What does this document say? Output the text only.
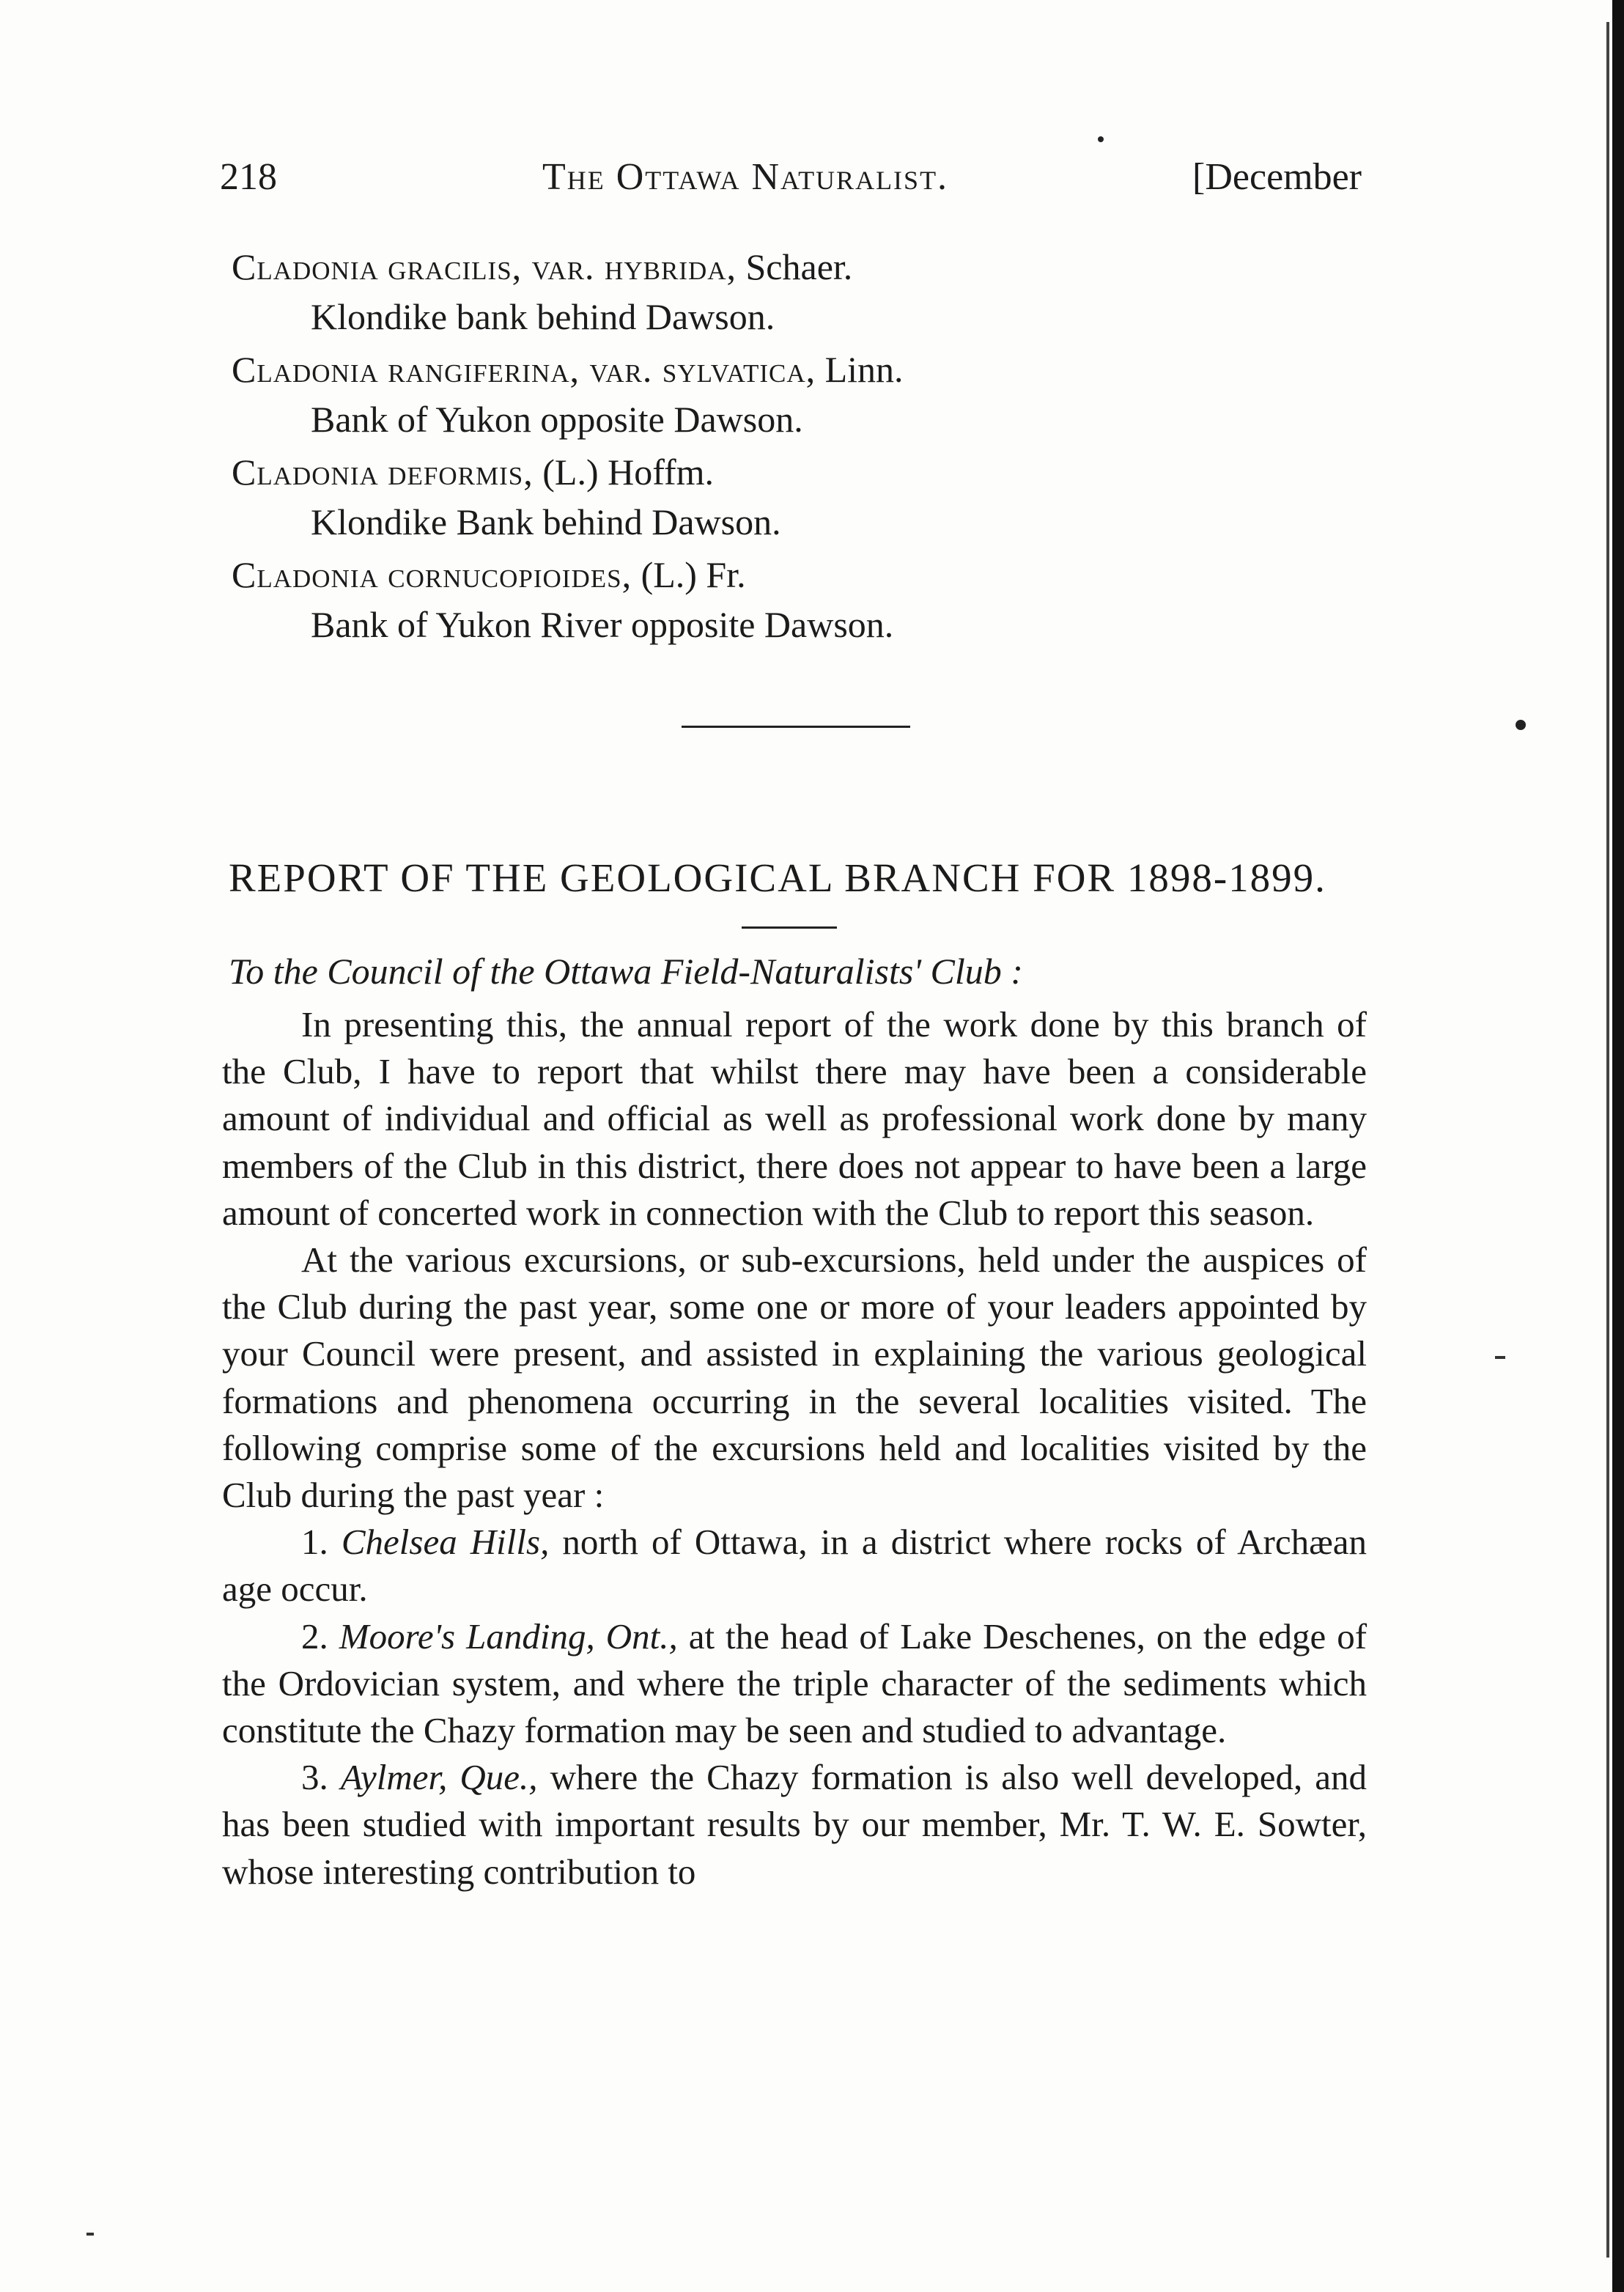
218	The Ottawa Naturalist.	[December
Cladonia gracilis, var. hybrida, Schaer.
Klondike bank behind Dawson.
Cladonia rangiferina, var. sylvatica, Linn.
Bank of Yukon opposite Dawson.
Cladonia deformis, (L.) Hoffm.
Klondike Bank behind Dawson.
Cladonia cornucopioides, (L.) Fr.
Bank of Yukon River opposite Dawson.
REPORT OF THE GEOLOGICAL BRANCH FOR 1898-1899.
To the Council of the Ottawa Field-Naturalists' Club :

In presenting this, the annual report of the work done by this branch of the Club, I have to report that whilst there may have been a considerable amount of individual and official as well as professional work done by many members of the Club in this district, there does not appear to have been a large amount of concerted work in connection with the Club to report this season.

At the various excursions, or sub-excursions, held under the auspices of the Club during the past year, some one or more of your leaders appointed by your Council were present, and assisted in explaining the various geological formations and phenomena occurring in the several localities visited. The following comprise some of the excursions held and localities visited by the Club during the past year :

1. Chelsea Hills, north of Ottawa, in a district where rocks of Archæan age occur.

2. Moore's Landing, Ont., at the head of Lake Deschenes, on the edge of the Ordovician system, and where the triple character of the sediments which constitute the Chazy formation may be seen and studied to advantage.

3. Aylmer, Que., where the Chazy formation is also well developed, and has been studied with important results by our member, Mr. T. W. E. Sowter, whose interesting contribution to
